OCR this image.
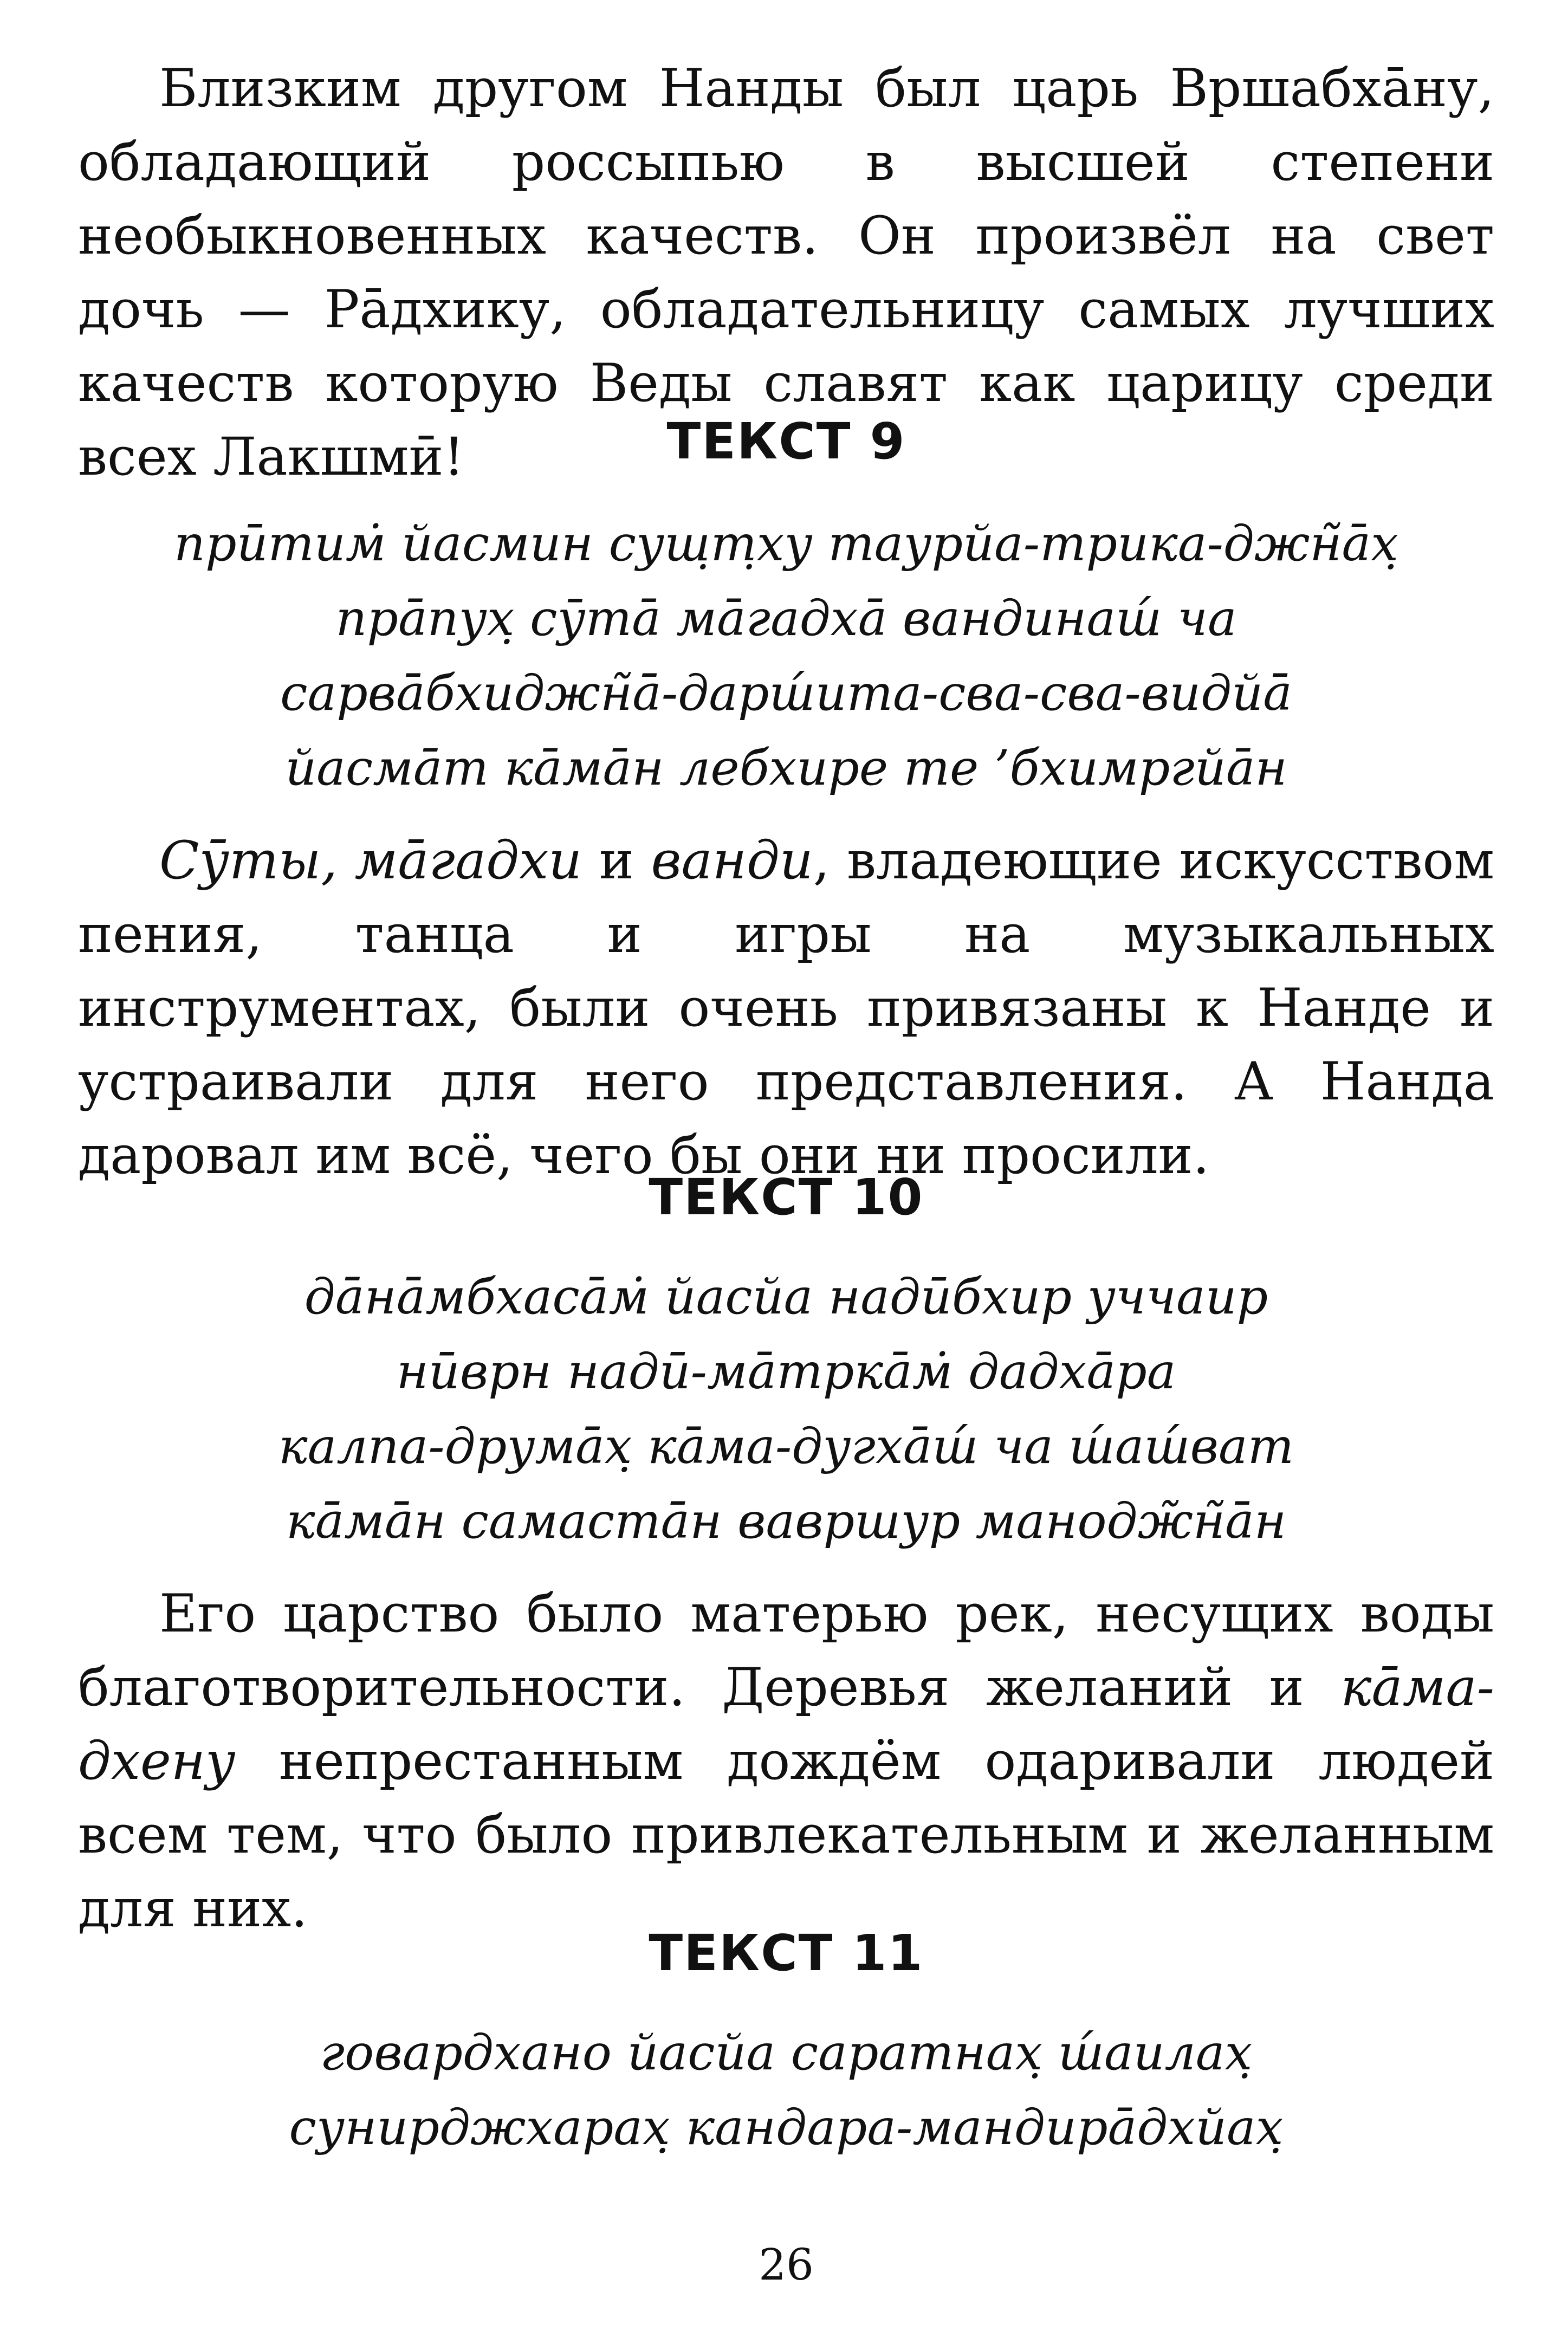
Близким другом Нанды был царь Вршабхāну, обладающий россыпью в высшей степени необыкновенных качеств. Он произвёл на свет дочь — Рāдхику, обладательницу самых лучших качеств которую Веды славят как царицу среди всех Лакшмӣ!	ТЕКСТ 9
прӣтим̇ йасмин суш̣т̣ху таурйа-трика-джн̃āх̣
прāпух̣ сӯтā мāгадхā вандинаш́ ча
сарвāбхиджн̃ā-дарш́ита-сва-сва-видйā
йасмāт кāмāн лебхире те ’бхимргйāн

Сӯты, мāгадхи и ванди, владеющие искусством пения, танца и игры на музыкальных инструментах, были очень привязаны к Нанде и устраивали для него представления. А Нанда даровал им всё, чего бы они ни просили.

ТЕКСТ 10
дāнāмбхасāм̇ йасйа надӣбхир уччаир
нӣврн надӣ-мāтркāм̇ дадхāра
калпа-друмāх̣ кāма-дугхāш́ ча ш́аш́ват
кāмāн самастāн вавршур манодж̃н̃āн

Его царство было матерью рек, несущих воды благотворительности. Деревья желаний и кāма-дхену непрестанным дождём одаривали людей всем тем, что было привлекательным и желанным для них.

ТЕКСТ 11
говардхано йасйа саратнах̣ ш́аилах̣
сунирджхарах̣ кандара-мандирāдхйах̣
26
